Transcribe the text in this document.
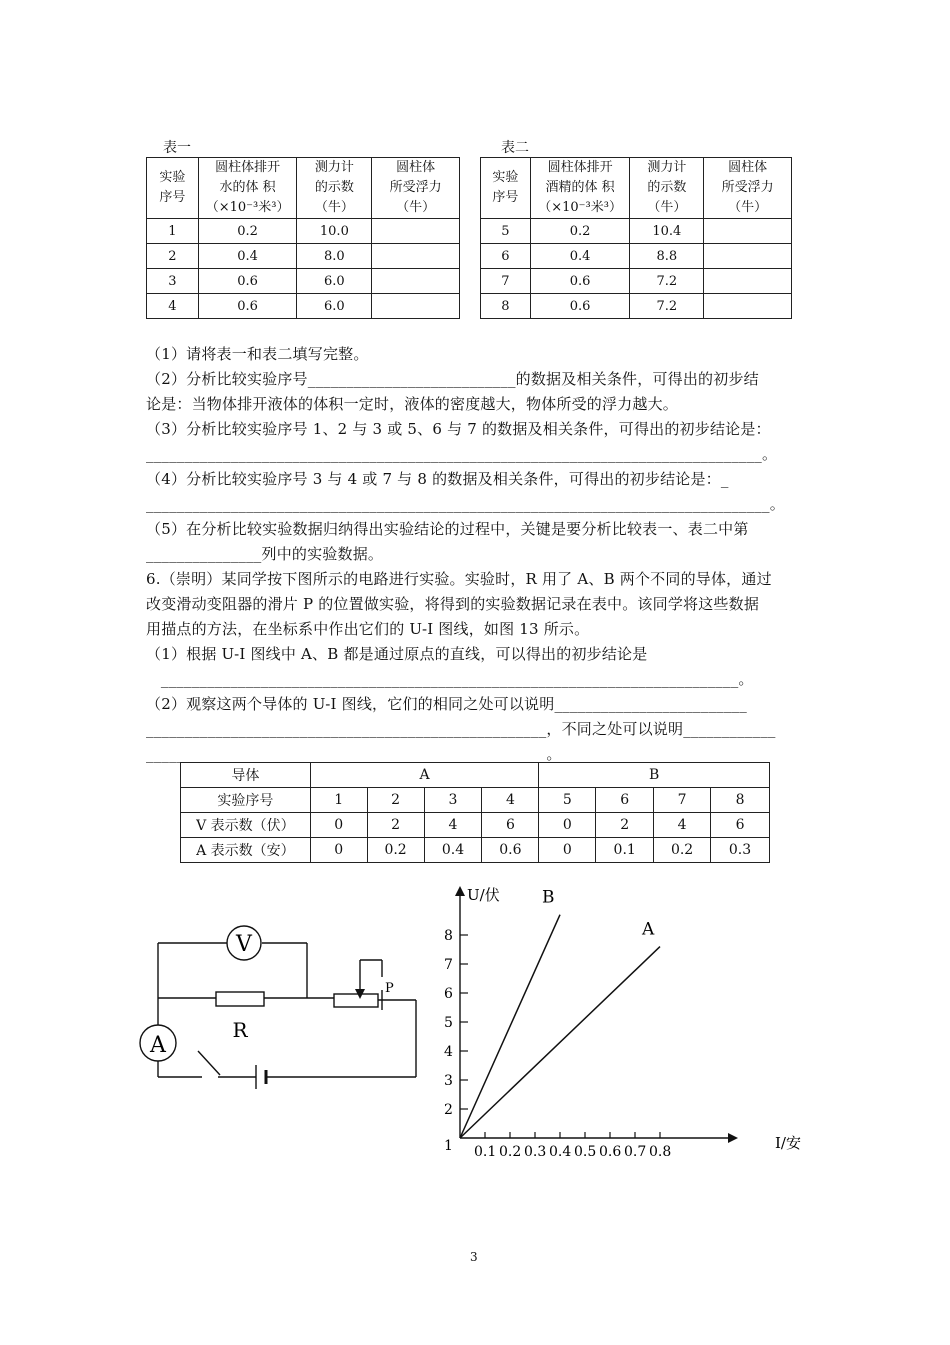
表一
实验
序号	圆柱体排开
水的体 积
（×10⁻³米³）	测力计
的示数
（牛）	圆柱体
所受浮力
（牛）
1	0.2	10.0	
2	0.4	8.0	
3	0.6	6.0	
4	0.6	6.0	
表二
实验
序号	圆柱体排开
酒精的体 积
（×10⁻³米³）	测力计
的示数
（牛）	圆柱体
所受浮力
（牛）
5	0.2	10.4	
6	0.4	8.8	
7	0.6	7.2	
8	0.6	7.2	
（1）请将表一和表二填写完整。
（2）分析比较实验序号___________________________的数据及相关条件，可得出的初步结
论是：当物体排开液体的体积一定时，液体的密度越大，物体所受的浮力越大。
（3）分析比较实验序号 1、2 与 3 或 5、6 与 7 的数据及相关条件，可得出的初步结论是：
________________________________________________________________________________。
（4）分析比较实验序号 3 与 4 或 7 与 8 的数据及相关条件，可得出的初步结论是：_
_________________________________________________________________________________。
（5）在分析比较实验数据归纳得出实验结论的过程中，关键是要分析比较表一、表二中第
_______________列中的实验数据。
6.（崇明）某同学按下图所示的电路进行实验。实验时，R 用了 A、B 两个不同的导体，通过
改变滑动变阻器的滑片 P 的位置做实验，将得到的实验数据记录在表中。该同学将这些数据
用描点的方法，在坐标系中作出它们的 U-I 图线，如图 13 所示。
（1）根据 U-I 图线中 A、B 都是通过原点的直线，可以得出的初步结论是
___________________________________________________________________________。
（2）观察这两个导体的 U-I 图线，它们的相同之处可以说明_________________________
____________________________________________________，不同之处可以说明____________
____________________________________________________。
导体	A				B			
实验序号	1	2	3	4	5	6	7	8
V 表示数（伏）	0	2	4	6	0	2	4	6
A 表示数（安）	0	0.2	0.4	0.6	0	0.1	0.2	0.3
V
A
R
P
U/伏
I/安
1
2
3
4
5
6
7
8
0.1 0.2 0.3 0.4 0.5 0.6 0.7 0.8
B
A
3
